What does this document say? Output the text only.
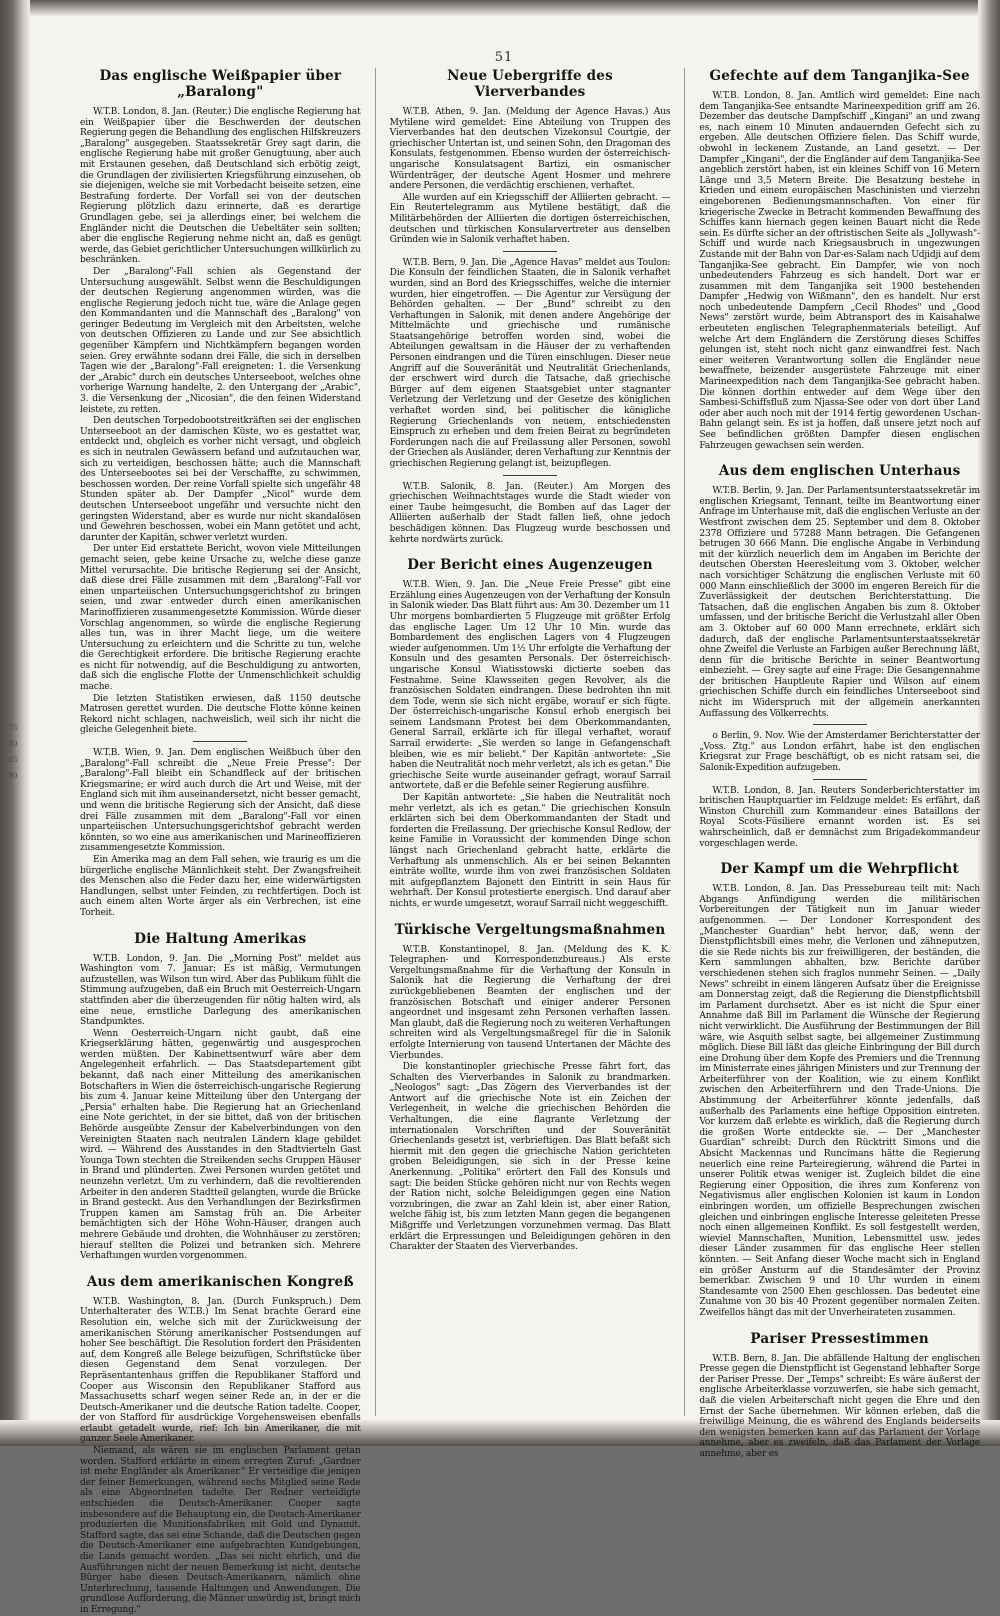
51
Das englische Weißpapier über „Baralong"

W.T.B. London, 8. Jan. (Reuter.) Die englische Regierung hat ein Weißpapier über die Beschwerden der deutschen Regierung gegen die Behandlung des englischen Hilfskreuzers „Baralong" ausgegeben. Staatssekretär Grey sagt darin, die englische Regierung habe mit großer Genugtuung, aber auch mit Erstaunen gesehen, daß Deutschland sich erbötig zeigt, die Grundlagen der zivilisierten Kriegsführung einzusehen, ob sie diejenigen, welche sie mit Vorbedacht beiseite setzen, eine Bestrafung forderte. Der Vorfall sei von der deutschen Regierung plötzlich dazu erinnerte, daß es derartige Grundlagen gebe, sei ja allerdings einer, bei welchem die Engländer nicht die Deutschen die Uebeltäter sein sollten; aber die englische Regierung nehme nicht an, daß es genügt werde, das Gebiet gerichtlicher Untersuchungen willkürlich zu beschränken.

Der „Baralong"-Fall schien als Gegenstand der Untersuchung ausgewählt. Selbst wenn die Beschuldigungen der deutschen Regierung angenommen würden, was die englische Regierung jedoch nicht tue, wäre die Anlage gegen den Kommandanten und die Mannschaft des „Baralong" von geringer Bedeutung im Vergleich mit den Arbeitsten, welche von deutschen Offizieren zu Lande und zur See absichtlich gegenüber Kämpfern und Nichtkämpfern begangen worden seien. Grey erwähnte sodann drei Fälle, die sich in derselben Tagen wie der „Baralong"-Fall ereigneten: 1. die Versenkung der „Arabic" durch ein deutsches Unterseeboot, welches ohne vorherige Warnung handelte, 2. den Untergang der „Arabic", 3. die Versenkung der „Nicosian", die den feinen Widerstand leistete, zu retten.

Den deutschen Torpedobootstreitkräften sei der englischen Unterseeboot an der damischen Küste, wo es gestattet war, entdeckt und, obgleich es vorher nicht versagt, und obgleich es sich in neutralen Gewässern befand und aufzutauchen war, sich zu verteidigen, beschossen hätte; auch die Mannschaft des Unterseebootes sei bei der Verschaffte, zu schwimmen, beschossen worden. Der reine Vorfall spielte sich ungefähr 48 Stunden später ab. Der Dampfer „Nicol" wurde dem deutschen Unterseeboot ungefähr und versuchte nicht den geringsten Widerstand, aber es wurde nur nicht skandalösen und Gewehren beschossen, wobei ein Mann getötet und acht, darunter der Kapitän, schwer verletzt wurden.

Der unter Eid erstattete Bericht, wovon viele Mitteilungen gemacht seien, gebe keine Ursache zu, welche diese ganze Mittel verursachte. Die britische Regierung sei der Ansicht, daß diese drei Fälle zusammen mit dem „Baralong"-Fall vor einen unparteiischen Untersuchungsgerichtshof zu bringen seien, und zwar entweder durch einen amerikanischen Marinoffizieren zusammengesetzte Kommission. Würde dieser Vorschlag angenommen, so würde die englische Regierung alles tun, was in ihrer Macht liege, um die weitere Untersuchung zu erleichtern und die Schritte zu tun, welche die Gerechtigkeit erfordere. Die britische Regierung erachte es nicht für notwendig, auf die Beschuldigung zu antworten, daß sich die englische Flotte der Unmenschlichkeit schuldig mache.

Die letzten Statistiken erwiesen, daß 1150 deutsche Matrosen gerettet wurden. Die deutsche Flotte könne keinen Rekord nicht schlagen, nachweislich, weil sich ihr nicht die gleiche Gelegenheit biete.

W.T.B. Wien, 9. Jan. Dem englischen Weißbuch über den „Baralong"-Fall schreibt die „Neue Freie Presse": Der „Baralong"-Fall bleibt ein Schandfleck auf der britischen Kriegsmarine; er wird auch durch die Art und Weise, mit der England sich mit ihm auseinandersetzt, nicht besser gemacht, und wenn die britische Regierung sich der Ansicht, daß diese drei Fälle zusammen mit dem „Baralong"-Fall vor einen unparteiischen Untersuchungsgerichtshof gebracht werden könnten, so wo eine aus amerikanischen und Marineoffizieren zusammengesetzte Kommission.

Ein Amerika mag an dem Fall sehen, wie traurig es um die bürgerliche englische Männlichkeit steht. Der Zwangsfreiheit des Menschen also die Feder dazu her, eine widerwärtigsten Handlungen, selbst unter Feinden, zu rechtfertigen. Doch ist auch einem alten Worte ärger als ein Verbrechen, ist eine Torheit.

Die Haltung Amerikas

W.T.B. London, 9. Jan. Die „Morning Post" meldet aus Washington vom 7. Januar: Es ist mäßig, Vermutungen aufzustellen, was Wilson tun wird. Aber das Publikum fühlt die Stimmung aufzugeben, daß ein Bruch mit Oesterreich-Ungarn stattfinden aber die überzeugenden für nötig halten wird, als eine neue, ernstliche Darlegung des amerikanischen Standpunktes.

Wenn Oesterreich-Ungarn nicht gaubt, daß eine Kriegserklärung hätten, gegenwärtig und ausgesprochen werden müßten. Der Kabinettsentwurf wäre aber dem Angelegenheit erfahrlich. — Das Staatsdepartement gibt bekannt, daß nach einer Mitteilung des amerikanischen Botschafters in Wien die österreichisch-ungarische Regierung bis zum 4. Januar keine Mitteilung über den Untergang der „Persia" erhalten habe. Die Regierung hat an Griechenland eine Note gerichtet, in der sie bittet, daß von der britischen Behörde ausgeübte Zensur der Kabelverbindungen von den Vereinigten Staaten nach neutralen Ländern klage gebildet wird. — Während des Ausstandes in den Stadtvierteln Gast Younga Town stechten die Streikenden sechs Gruppen Häuser in Brand und plünderten. Zwei Personen wurden getötet und neunzehn verletzt. Um zu verhindern, daß die revoltierenden Arbeiter in den anderen Stadtteil gelangten, wurde die Brücke in Brand gesteckt. Aus den Verhandlungen der Bezirksfirmen Truppen kamen am Samstag früh an. Die Arbeiter bemächtigten sich der Höhe Wohn-Häuser, drangen auch mehrere Gebäude und drohten, die Wohnhäuser zu zerstören; hierauf stellten die Polizei und betranken sich. Mehrere Verhaftungen wurden vorgenommen.

Aus dem amerikanischen Kongreß

W.T.B. Washington, 8. Jan. (Durch Funkspruch.) Dem Unterhalterater des W.T.B.) Im Senat brachte Gerard eine Resolution ein, welche sich mit der Zurückweisung der amerikanischen Störung amerikanischer Postsendungen auf hoher See beschäftigt. Die Resolution fordert den Präsidenten auf, dem Kongreß alle Belege beizufügen, Schriftstücke über diesen Gegenstand dem Senat vorzulegen. Der Repräsentantenhaus griffen die Republikaner Stafford und Cooper aus Wisconsin den Republikaner Stafford aus Massachusetts scharf wegen seiner Rede an, in der er die Deutsch-Amerikaner und die deutsche Ration tadelte. Cooper, der von Stafford für ausdrückige Vorgehensweisen ebenfalls erlaubt getadelt wurde, rief: Ich bin Amerikaner, die mit ganzer Seele Amerikaner.

Niemand, als wären sie im englischen Parlament getan worden. Stafford erklärte in einem erregten Zuruf: „Gardner ist mehr Engländer als Amerikaner." Er verteidige die jenigen der feiner Bemerkungen, während sechs Mitglied seine Rede als eine Abgeordneten tadelte. Der Redner verteidigte entschieden die Deutsch-Amerikaner. Cooper sagte insbesondere auf die Behauptung ein, die Deutsch-Amerikaner produzierten die Munitionsfabriken mit Gold und Dynamit. Stafford sagte, das sei eine Schande, daß die Deutschen gegen die Deutsch-Amerikaner eine aufgebrachten Kundgebungen, die Lands gemacht worden. „Das sei nicht ehrlich, und die Ausführungen nicht der neuen Bemerkung ist nicht, deutsche Bürger habe diesen Deutsch-Amerikanern, nämlich ohne Unterbrechung, tausende Haltungen und Anwendungen. Die grundlose Aufforderung, die Männer unwürdig ist, bringt mich in Erregung."

Neue Uebergriffe des Vierverbandes

W.T.B. Athen, 9. Jan. (Meldung der Agence Havas.) Aus Mytilene wird gemeldet: Eine Abteilung von Truppen des Vierverbandes hat den deutschen Vizekonsul Courtgie, der griechischer Untertan ist, und seinen Sohn, den Dragoman des Konsulats, festgenommen. Ebenso wurden der österreichisch-ungarische Konsulatsagent Bartizi, ein osmanischer Würdenträger, der deutsche Agent Hosmer und mehrere andere Personen, die verdächtig erschienen, verhaftet.

Alle wurden auf ein Kriegsschiff der Alliierten gebracht. — Ein Reutertelegramm aus Mytilene bestätigt, daß die Militärbehörden der Alliierten die dortigen österreichischen, deutschen und türkischen Konsularvertreter aus denselben Gründen wie in Salonik verhaftet haben.

W.T.B. Bern, 9. Jan. Die „Agence Havas" meldet aus Toulon: Die Konsuln der feindlichen Staaten, die in Salonik verhaftet wurden, sind an Bord des Kriegsschiffes, welche die internier wurden, hier eingetroffen. — Die Agentur zur Versügung der Behörden gehalten. — Der „Bund" schreibt zu den Verhaftungen in Salonik, mit denen andere Angehörige der Mittelmächte und griechische und rumänische Staatsangehörige betroffen worden sind, wobei die Abteilungen gewaltsam in die Häuser der zu verhaftenden Personen eindrangen und die Türen einschlugen. Dieser neue Angriff auf die Souveränität und Neutralität Griechenlands, der erschwert wird durch die Tatsache, daß griechische Bürger auf dem eigenen Staatsgebiet unter stagnanter Verletzung der Verletzung und der Gesetze des königlichen verhaftet worden sind, bei politischer die königliche Regierung Griechenlands von neuem, entschiedensten Einspruch zu erheben und dem freien Beirat zu begründeten Forderungen nach die auf Freilassung aller Personen, sowohl der Griechen als Ausländer, deren Verhaftung zur Kenntnis der griechischen Regierung gelangt ist, beizupflegen.

W.T.B. Salonik, 8. Jan. (Reuter.) Am Morgen des griechischen Weihnachtstages wurde die Stadt wieder von einer Taube heimgesucht, die Bomben auf das Lager der Alliierten außerhalb der Stadt fallen ließ, ohne jedoch beschädigen können. Das Flugzeug wurde beschossen und kehrte nordwärts zurück.

Der Bericht eines Augenzeugen

W.T.B. Wien, 9. Jan. Die „Neue Freie Presse" gibt eine Erzählung eines Augenzeugen von der Verhaftung der Konsuln in Salonik wieder. Das Blatt führt aus: Am 30. Dezember um 11 Uhr morgens bombardierten 5 Flugzeuge mit größter Erfolg das englische Lager. Um 12 Uhr 10 Min. wurde das Bombardement des englischen Lagers von 4 Flugzeugen wieder aufgenommen. Um 1½ Uhr erfolgte die Verhaftung der Konsuln und des gesamten Personals. Der österreichisch-ungarische Konsul Wiatisstowski dictierte soeben das Festnahme. Seine Klawsseiten gegen Revolver, als die französischen Soldaten eindrangen. Diese bedrohten ihn mit dem Tode, wenn sie sich nicht ergäbe, worauf er sich fügte. Der österreichisch-ungarische Konsul erhob energisch bei seinem Landsmann Protest bei dem Oberkommandanten, General Sarrail, erklärte ich für illegal verhaftet, worauf Sarrail erwiderte: „Sie werden so lange in Gefangenschaft bleiben, wie es mir beliebt." Der Kapitän antwortete: „Sie haben die Neutralität noch mehr verletzt, als ich es getan." Die griechische Seite wurde auseinander gefragt, worauf Sarrail antwortete, daß er die Befehle seiner Regierung ausführe.

Der Kapitän antwortete: „Sie haben die Neutralität noch mehr verletzt, als ich es getan." Die griechischen Konsuln erklärten sich bei dem Oberkommandanten der Stadt und forderten die Freilassung. Der griechische Konsul Redlow, der keine Familie in Voraussicht der kommenden Dinge schon längst nach Griechenland gebracht hatte, erklärte die Verhaftung als unmenschlich. Als er bei seinen Bekannten einträte wollte, wurde ihm von zwei französischen Soldaten mit aufgepflanztem Bajonett den Eintritt in sein Haus für wehrhaft. Der Konsul protestierte energisch. Und darauf aber nichts, er wurde umgesetzt, worauf Sarrail nicht weggeschifft.

Türkische Vergeltungsmaßnahmen

W.T.B. Konstantinopel, 8. Jan. (Meldung des K. K. Telegraphen- und Korrespondenzbureaus.) Als erste Vergeltungsmaßnahme für die Verhaftung der Konsuln in Salonik hat die Regierung die Verhaftung der drei zurückgebliebenen Beamten der englischen und der französischen Botschaft und einiger anderer Personen angeordnet und insgesamt zehn Personen verhaften lassen. Man glaubt, daß die Regierung noch zu weiteren Verhaftungen schreiten wird als Vergeltungsmaßregel für die in Salonik erfolgte Internierung von tausend Untertanen der Mächte des Vierbundes.

Die konstantinopler griechische Presse fährt fort, das Schalten des Vierverbandes in Salonik zu brandmarken. „Neologos" sagt: „Das Zögern des Vierverbandes ist der Antwort auf die griechische Note ist ein Zeichen der Verlegenheit, in welche die griechischen Behörden die Verhaltungen, die eine flagrante Verletzung der internationalen Vorschriften und der Souveränität Griechenlands gesetzt ist, verbrieftigen. Das Blatt befaßt sich hiermit mit den gegen die griechische Nation gerichteten groben Beleidigungen, sie sich in der Presse keine Anerkennung. „Politika" erörtert den Fall des Konsuls und sagt: Die beiden Stücke gehören nicht nur von Rechts wegen der Ration nicht, solche Beleidigungen gegen eine Nation vorzubringen, die zwar an Zahl klein ist, aber einer Ration, welche fähig ist, bis zum letzten Mann gegen die begangenen Mißgriffe und Verletzungen vorzunehmen vermag. Das Blatt erklärt die Erpressungen und Beleidigungen gehören in den Charakter der Staaten des Vierverbandes.

Gefechte auf dem Tanganjika-See

W.T.B. London, 8. Jan. Amtlich wird gemeldet: Eine nach dem Tanganjika-See entsandte Marineexpedition griff am 26. Dezember das deutsche Dampfschiff „Kingani" an und zwang es, nach einem 10 Minuten andauernden Gefecht sich zu ergeben. Alle deutschen Offiziere fielen. Das Schiff wurde, obwohl in leckenem Zustande, an Land gesetzt. — Der Dampfer „Kingani", der die Engländer auf dem Tanganjika-See angeblich zerstört haben, ist ein kleines Schiff von 16 Metern Länge und 3,5 Metern Breite. Die Besatzung bestehe in Krieden und einem europäischen Maschinisten und vierzehn eingeborenen Bedienungsmannschaften. Von einer für kriegerische Zwecke in Betracht kommenden Bewaffnung des Schiffes kann hiernach gegen keinen Bauart nicht die Rede sein. Es dürfte sicher an der oftristischen Seite als „Jollywash"-Schiff und wurde nach Kriegsausbruch in ungezwungen Zustande mit der Bahn von Dar-es-Salam nach Udjidji auf dem Tanganjika-See gebracht. Ein Dampfer, wie von noch unbedeutenders Fahrzeug es sich handelt. Dort war er zusammen mit dem Tanganjika seit 1900 bestehenden Dampfer „Hedwig von Wißmann", den es handelt. Nur erst noch unbedeutende Dampfern „Cecil Rhodes" und „Good News" zerstört wurde, beim Abtransport des in Kaisahalwe erbeuteten englischen Telegraphenmaterials beteiligt. Auf welche Art dem Engländern die Zerstörung dieses Schiffes gelungen ist, steht noch nicht ganz einwandfrei fest. Nach einer weiteren Verantwortung sollen die Engländer neue bewaffnete, beizender ausgerüstete Fahrzeuge mit einer Marineexpedition nach dem Tanganjika-See gebracht haben. Die können dorthin entweder auf dem Wege über den Sambesi-Schiffsfluß zum Njassa-See oder von dort über Land oder aber auch noch mit der 1914 fertig gewordenen Uschan-Bahn gelangt sein. Es ist ja hoffen, daß unsere jetzt noch auf See befindlichen größten Dampfer diesen englischen Fahrzeugen gewachsen sein werden.

Aus dem englischen Unterhaus

W.T.B. Berlin, 9. Jan. Der Parlamentsunterstaatssekretär im englischen Kriegsamt, Tennant, teilte im Beantwortung einer Anfrage im Unterhause mit, daß die englischen Verluste an der Westfront zwischen dem 25. September und dem 8. Oktober 2378 Offiziere und 57288 Mann betragen. Die Gefangenen betrugen 30 666 Mann. Die englische Angabe in Verbindung mit der kürzlich neuerlich dem im Angaben im Berichte der deutschen Obersten Heeresleitung vom 3. Oktober, welcher nach vorsichtiger Schätzung die englischen Verluste mit 60 000 Mann einschließlich der 3000 im engeren Bereich für die Zuverlässigkeit der deutschen Berichterstattung. Die Tatsachen, daß die englischen Angaben bis zum 8. Oktober umfassen, und der britische Bericht die Verlustzahl aller Oben am 3. Oktober auf 60 000 Mann errechnete, erklärt sich dadurch, daß der englische Parlamentsunterstaatssekretär ohne Zweifel die Verluste an Farbigen außer Berechnung läßt, denn für die britische Berichte in seiner Beantwortung einbezieht. — Grey sagte auf eine Frage: Die Gesangennahme der britischen Hauptleute Rapier und Wilson auf einem griechischen Schiffe durch ein feindliches Unterseeboot sind nicht im Widerspruch mit der allgemein anerkannten Auffassung des Völkerrechts.

o Berlin, 9. Nov. Wie der Amsterdamer Berichterstatter der „Voss. Ztg." aus London erfährt, habe ist den englischen Kriegsrat zur Frage beschäftigt, ob es nicht ratsam sei, die Salonik-Expedition aufzugeben.

W.T.B. London, 8. Jan. Reuters Sonderberichterstatter im britischen Hauptquartier im Feldzuge meldet: Es erfährt, daß Winston Churchill zum Kommandeur eines Bataillons der Royal Scots-Füsiliere ernannt worden ist. Es sei wahrscheinlich, daß er demnächst zum Brigadekommandeur vorgeschlagen werde.

Der Kampf um die Wehrpflicht

W.T.B. London, 8. Jan. Das Pressebureau teilt mit: Nach Abgangs Anfündigung werden die militärischen Vorbereitungen der Tätigkeit nun im Januar wieder aufgenommen. — Der Londoner Korrespondent des „Manchester Guardian" hebt hervor, daß, wenn der Dienstpflichtsbill eines mehr, die Verlonen und zähneputzen, die sie Rede nichts bis zur freiwilligeren, der beständen, die Kern sammlungen abhalten, bzw. Berichte darüber verschiedenen stehen sich fraglos nunmehr Seinen. — „Daily News" schreibt in einem längeren Aufsatz über die Ereignisse am Donnerstag zeigt, daß die Regierung die Dienstpflichtsbill im Parlament durchsetzt. Aber es ist nicht die Spur einer Annahme daß Bill im Parlament die Wünsche der Regierung nicht verwirklicht. Die Ausführung der Bestimmungen der Bill wäre, wie Asquith selbst sagte, bei allgemeiner Zustimmung möglich. Diese Bill läßt das gleiche Einbringung der Bill durch eine Drohung über dem Kopfe des Premiers und die Trennung im Ministerrate eines jährigen Ministers und zur Trennung der Arbeiterführer von der Koalition, wie zu einem Konflikt zwischen den Arbeiterführern und den Trade-Unions. Die Abstimmung der Arbeiterführer könnte jedenfalls, daß außerhalb des Parlaments eine heftige Opposition eintreten. Vor kurzem daß erlebte es wirklich, daß die Regierung durch die großen Worte entdeckte sie. — Der „Manchester Guardian" schreibt: Durch den Rücktritt Simons und die Absicht Mackennas und Runcimans hätte die Regierung neuerlich eine reine Parteiregierung, während die Partei in unserer Politik etwas weniger ist. Zugleich bildet die eine Regierung einer Opposition, die ihres zum Konferenz von Negativismus aller englischen Kolonien ist kaum in London einbringen worden, um offizielle Besprechungen zwischen gleichen und einbringen englische Interesse geleiteten Presse noch einen allgemeinen Konflikt. Es soll festgestellt werden, wieviel Mannschaften, Munition, Lebensmittel usw. jedes dieser Länder zusammen für das englische Heer stellen könnten. — Seit Anfang dieser Woche macht sich in England ein größer Ansturm auf die Standesämter der Provinz bemerkbar. Zwischen 9 und 10 Uhr wurden in einem Standesamte von 2500 Ehen geschlossen. Das bedeutet eine Zunahme von 30 bis 40 Prozent gegenüber normalen Zeiten. Zweifellos hängt das mit der Unverheirateten zusammen.

Pariser Pressestimmen

W.T.B. Bern, 8. Jan. Die abfällende Haltung der englischen Presse gegen die Dienstpflicht ist Gegenstand lebhafter Sorge der Pariser Presse. Der „Temps" schreibt: Es wäre äußerst der englische Arbeiterklasse vorzuwerfen, sie habe sich gemacht, daß die vielen Arbeiterschaft nicht gegen die Ehre und den Ernst der Sache übernehmen. Wir können erleben, daß die freiwillige Meinung, die es während des Englands beiderseits den wenigsten bemerken kann auf das Parlament der Vorlage annehme, aber es zweifeln, daß das Parlament der Vorlage annehme, aber es

75
80
85
90
